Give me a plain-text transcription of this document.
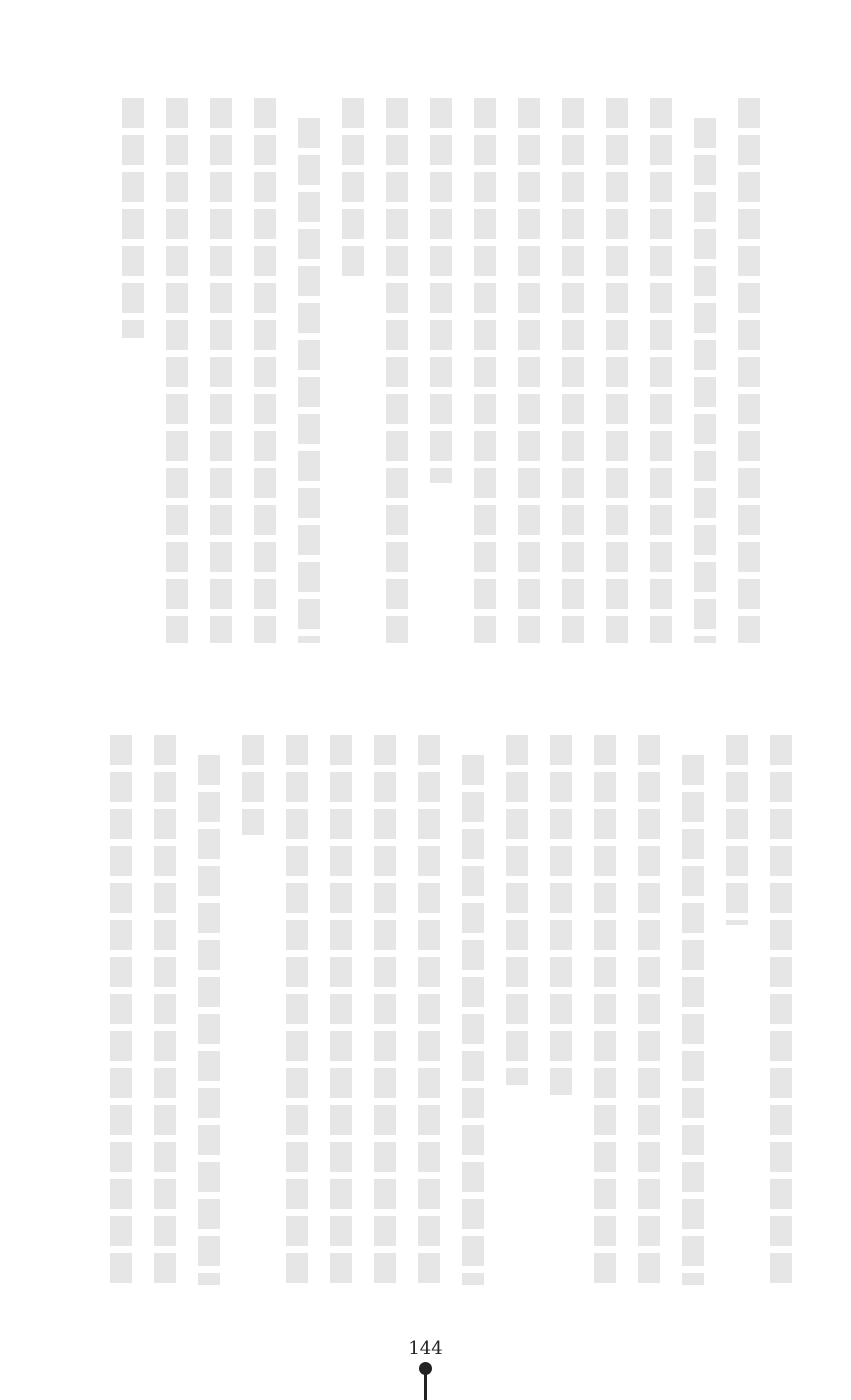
144
